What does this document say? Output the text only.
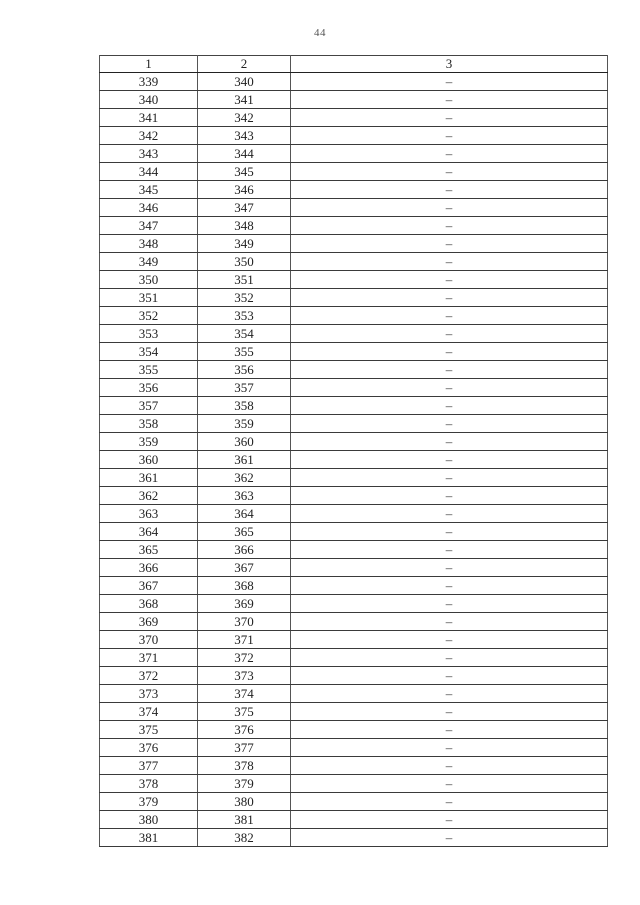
44
1	2	3
339	340	–
340	341	–
341	342	–
342	343	–
343	344	–
344	345	–
345	346	–
346	347	–
347	348	–
348	349	–
349	350	–
350	351	–
351	352	–
352	353	–
353	354	–
354	355	–
355	356	–
356	357	–
357	358	–
358	359	–
359	360	–
360	361	–
361	362	–
362	363	–
363	364	–
364	365	–
365	366	–
366	367	–
367	368	–
368	369	–
369	370	–
370	371	–
371	372	–
372	373	–
373	374	–
374	375	–
375	376	–
376	377	–
377	378	–
378	379	–
379	380	–
380	381	–
381	382	–
